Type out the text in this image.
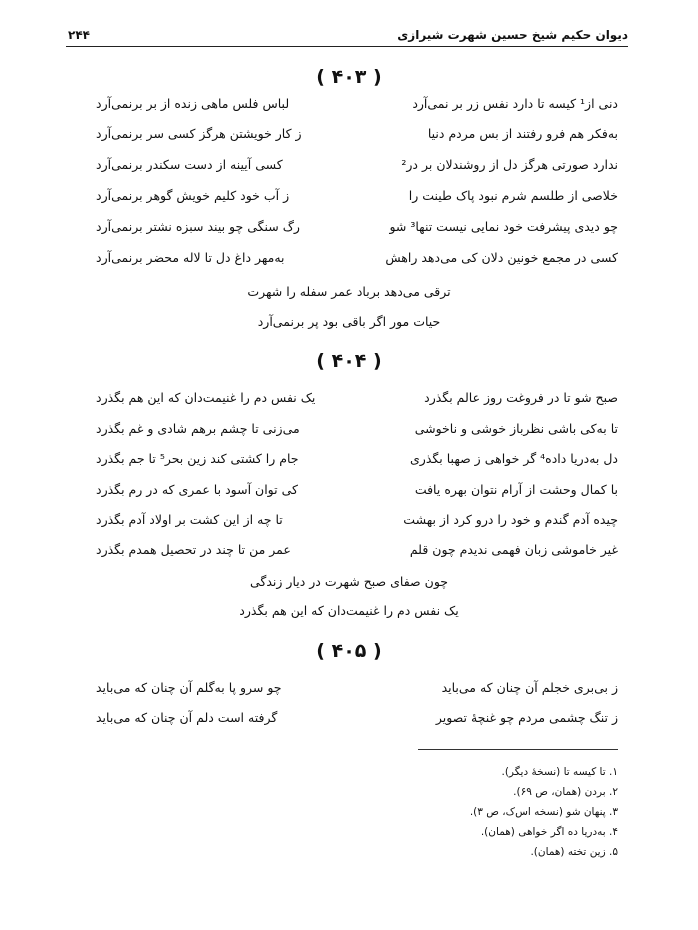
دیوان حکیم شیخ حسین شهرت شیرازی
۲۴۴
( ۴۰۳ )
دنی از¹ کیسه تا دارد نفس زر بر نمی‌آرد
لباس فلس ماهی زنده از بر برنمی‌آرد
به‌فکر هم فرو رفتند از بس مردم دنیا
ز کار خویشتن هرگز کسی سر برنمی‌آرد
ندارد صورتی هرگز دل از روشندلان بر در²
کسی آیینه از دست سکندر برنمی‌آرد
خلاصی از طلسم شرم نبود پاک طینت را
ز آب خود کلیم خویش گوهر برنمی‌آرد
چو دیدی پیشرفت خود نمایی نیست تنها³ شو
رگ سنگی چو بیند سبزه نشتر برنمی‌آرد
کسی در مجمع خونین دلان کی می‌دهد راهش
به‌مهر داغ دل تا لاله محضر برنمی‌آرد
ترقی می‌دهد برباد عمر سفله را شهرت
حیات مور اگر باقی بود پر برنمی‌آرد
( ۴۰۴ )
صبح شو تا در فروغت روز عالم بگذرد
یک نفس دم را غنیمت‌دان که این هم بگذرد
تا به‌کی باشی نظرباز خوشی و ناخوشی
می‌زنی تا چشم برهم شادی و غم بگذرد
دل به‌دریا داده⁴ گر خواهی ز صهبا بگذری
جام را کشتی کند زین بحر⁵ تا جم بگذرد
با کمال وحشت از آرام نتوان بهره یافت
کی توان آسود با عمری که در رم بگذرد
چیده آدم گندم و خود را درو کرد از بهشت
تا چه از این کشت بر اولاد آدم بگذرد
غیر خاموشی زبان فهمی ندیدم چون قلم
عمر من تا چند در تحصیل همدم بگذرد
چون صفای صبح شهرت در دیار زندگی
یک نفس دم را غنیمت‌دان که این هم بگذرد
( ۴۰۵ )
ز بی‌بری خجلم آن چنان که می‌باید
چو سرو پا به‌گلم آن چنان که می‌باید
ز تنگ چشمی مردم چو غنچهٔ تصویر
گرفته است دلم آن چنان که می‌باید
۱. تا کیسه تا (نسخهٔ دیگر).
۲. بردن (همان، ص ۶۹).
۳. پنهان شو (نسخه اس‌ک، ص ۳).
۴. به‌دریا ده اگر خواهی (همان).
۵. زین تخته (همان).
